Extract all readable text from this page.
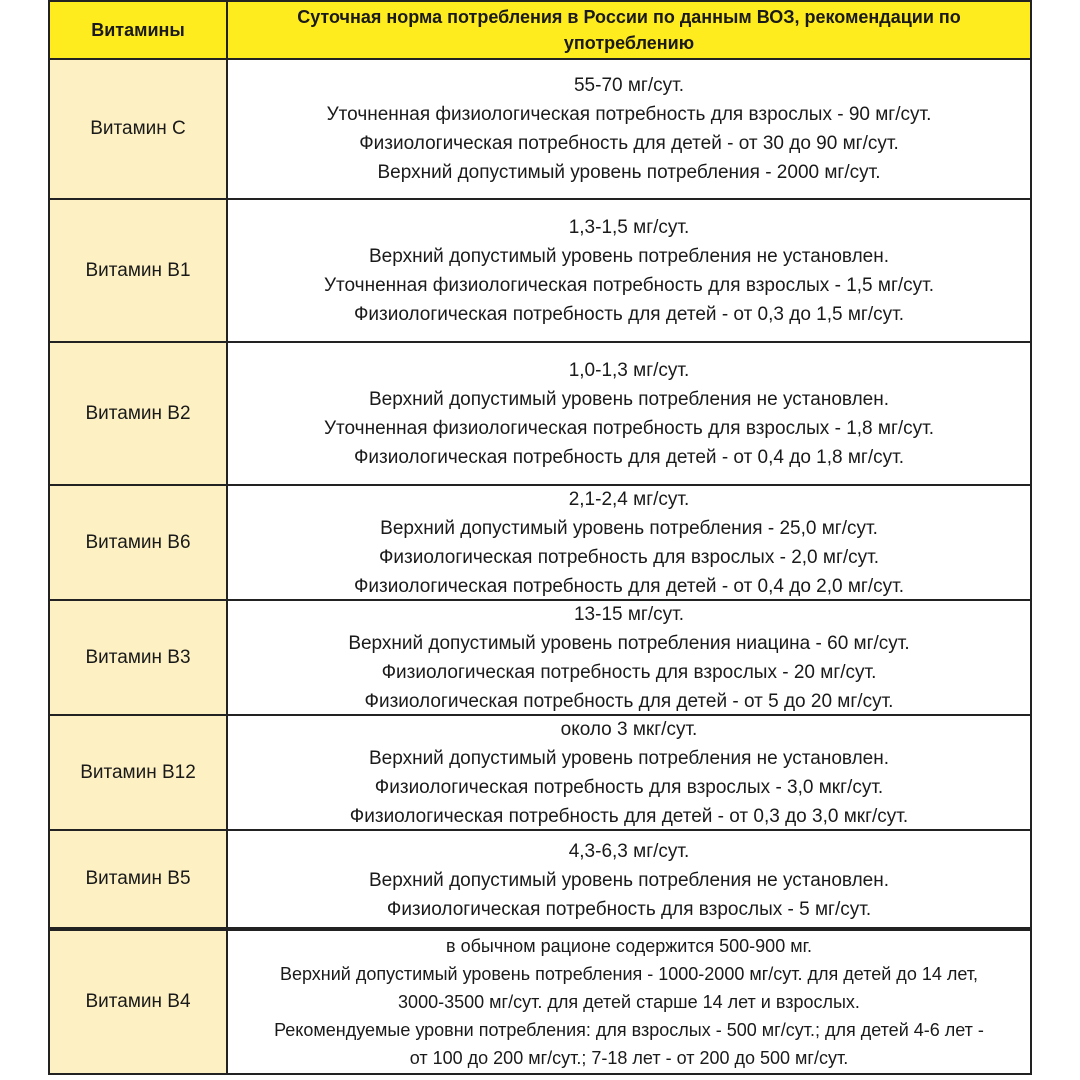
Витамины
Суточная норма потребления в России по данным ВОЗ, рекомендации по употреблению
Витамин С
55-70 мг/сут.
Уточненная физиологическая потребность для взрослых - 90 мг/сут.
Физиологическая потребность для детей - от 30 до 90 мг/сут.
Верхний допустимый уровень потребления - 2000 мг/сут.
Витамин В1
1,3-1,5 мг/сут.
Верхний допустимый уровень потребления не установлен.
Уточненная физиологическая потребность для взрослых - 1,5 мг/сут.
Физиологическая потребность для детей - от 0,3 до 1,5 мг/сут.
Витамин В2
1,0-1,3 мг/сут.
Верхний допустимый уровень потребления не установлен.
Уточненная физиологическая потребность для взрослых - 1,8 мг/сут.
Физиологическая потребность для детей - от 0,4 до 1,8 мг/сут.
Витамин В6
2,1-2,4 мг/сут.
Верхний допустимый уровень потребления - 25,0 мг/сут.
Физиологическая потребность для взрослых - 2,0 мг/сут.
Физиологическая потребность для детей - от 0,4 до 2,0 мг/сут.
Витамин В3
13-15 мг/сут.
Верхний допустимый уровень потребления ниацина - 60 мг/сут.
Физиологическая потребность для взрослых - 20 мг/сут.
Физиологическая потребность для детей - от 5 до 20 мг/сут.
Витамин В12
около 3 мкг/сут.
Верхний допустимый уровень потребления не установлен.
Физиологическая потребность для взрослых - 3,0 мкг/сут.
Физиологическая потребность для детей - от 0,3 до 3,0 мкг/сут.
Витамин В5
4,3-6,3 мг/сут.
Верхний допустимый уровень потребления не установлен.
Физиологическая потребность для взрослых - 5 мг/сут.
Витамин В4
в обычном рационе содержится 500-900 мг.
Верхний допустимый уровень потребления - 1000-2000 мг/сут. для детей до 14 лет,
3000-3500 мг/сут. для детей старше 14 лет и взрослых.
Рекомендуемые уровни потребления: для взрослых - 500 мг/сут.; для детей 4-6 лет -
от 100 до 200 мг/сут.; 7-18 лет - от 200 до 500 мг/сут.
